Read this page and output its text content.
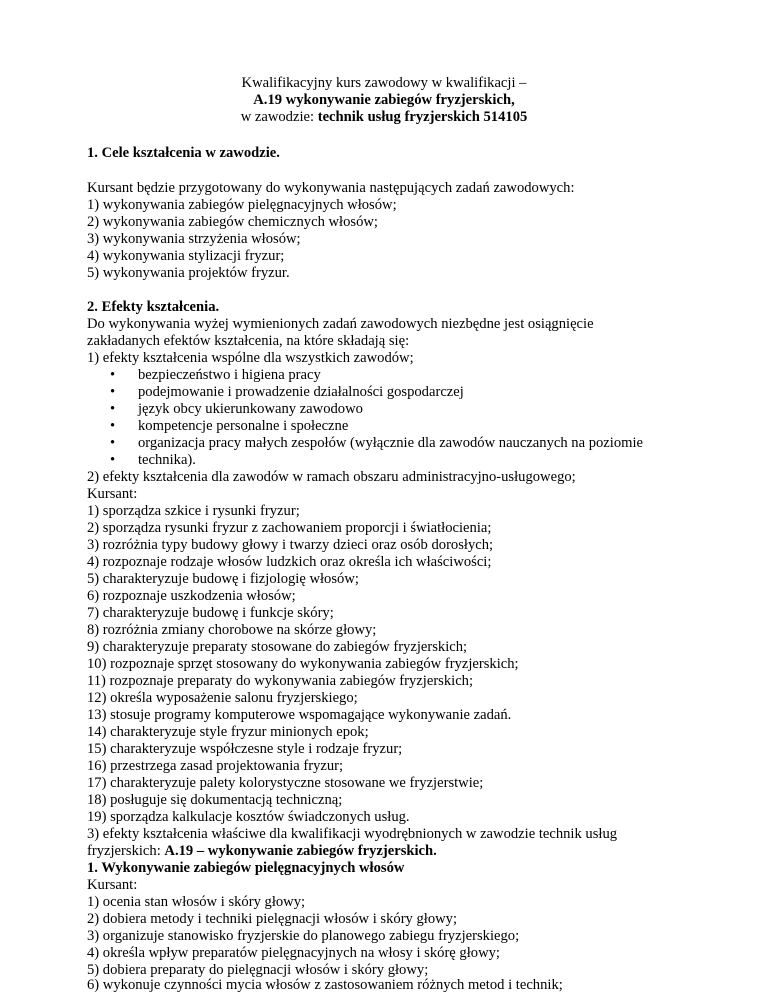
Kwalifikacyjny kurs zawodowy w kwalifikacji –
A.19 wykonywanie zabiegów fryzjerskich,
w zawodzie: technik usług fryzjerskich 514105
1. Cele kształcenia w zawodzie.
Kursant będzie przygotowany do wykonywania następujących zadań zawodowych:
1) wykonywania zabiegów pielęgnacyjnych włosów;
2) wykonywania zabiegów chemicznych włosów;
3) wykonywania strzyżenia włosów;
4) wykonywania stylizacji fryzur;
5) wykonywania projektów fryzur.
2. Efekty kształcenia.
Do wykonywania wyżej wymienionych zadań zawodowych niezbędne jest osiągnięcie
zakładanych efektów kształcenia, na które składają się:
1) efekty kształcenia wspólne dla wszystkich zawodów;
• bezpieczeństwo i higiena pracy
• podejmowanie i prowadzenie działalności gospodarczej
• język obcy ukierunkowany zawodowo
• kompetencje personalne i społeczne
• organizacja pracy małych zespołów (wyłącznie dla zawodów nauczanych na poziomie
• technika).
2) efekty kształcenia dla zawodów w ramach obszaru administracyjno-usługowego;
Kursant:
1) sporządza szkice i rysunki fryzur;
2) sporządza rysunki fryzur z zachowaniem proporcji i światłocienia;
3) rozróżnia typy budowy głowy i twarzy dzieci oraz osób dorosłych;
4) rozpoznaje rodzaje włosów ludzkich oraz określa ich właściwości;
5) charakteryzuje budowę i fizjologię włosów;
6) rozpoznaje uszkodzenia włosów;
7) charakteryzuje budowę i funkcje skóry;
8) rozróżnia zmiany chorobowe na skórze głowy;
9) charakteryzuje preparaty stosowane do zabiegów fryzjerskich;
10) rozpoznaje sprzęt stosowany do wykonywania zabiegów fryzjerskich;
11) rozpoznaje preparaty do wykonywania zabiegów fryzjerskich;
12) określa wyposażenie salonu fryzjerskiego;
13) stosuje programy komputerowe wspomagające wykonywanie zadań.
14) charakteryzuje style fryzur minionych epok;
15) charakteryzuje współczesne style i rodzaje fryzur;
16) przestrzega zasad projektowania fryzur;
17) charakteryzuje palety kolorystyczne stosowane we fryzjerstwie;
18) posługuje się dokumentacją techniczną;
19) sporządza kalkulacje kosztów świadczonych usług.
3) efekty kształcenia właściwe dla kwalifikacji wyodrębnionych w zawodzie technik usług
fryzjerskich: A.19 – wykonywanie zabiegów fryzjerskich.
1. Wykonywanie zabiegów pielęgnacyjnych włosów
Kursant:
1) ocenia stan włosów i skóry głowy;
2) dobiera metody i techniki pielęgnacji włosów i skóry głowy;
3) organizuje stanowisko fryzjerskie do planowego zabiegu fryzjerskiego;
4) określa wpływ preparatów pielęgnacyjnych na włosy i skórę głowy;
5) dobiera preparaty do pielęgnacji włosów i skóry głowy;
6) wykonuje czynności mycia włosów z zastosowaniem różnych metod i technik;
